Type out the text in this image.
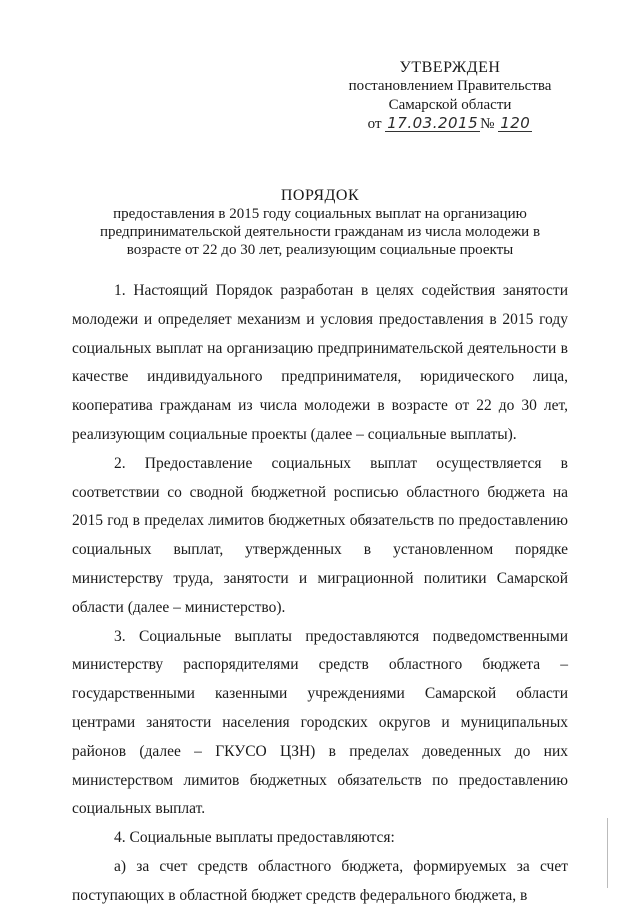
УТВЕРЖДЕН
постановлением Правительства
Самарской области
от 17.03.2015 № 120
ПОРЯДОК
предоставления в 2015 году социальных выплат на организацию предпринимательской деятельности гражданам из числа молодежи в возрасте от 22 до 30 лет, реализующим социальные проекты

1. Настоящий Порядок разработан в целях содействия занятости молодежи и определяет механизм и условия предоставления в 2015 году социальных выплат на организацию предпринимательской деятельности в качестве индивидуального предпринимателя, юридического лица, кооператива гражданам из числа молодежи в возрасте от 22 до 30 лет, реализующим социальные проекты (далее – социальные выплаты).

2. Предоставление социальных выплат осуществляется в соответствии со сводной бюджетной росписью областного бюджета на 2015 год в пределах лимитов бюджетных обязательств по предоставлению социальных выплат, утвержденных в установленном порядке министерству труда, занятости и миграционной политики Самарской области (далее – министерство).

3. Социальные выплаты предоставляются подведомственными министерству распорядителями средств областного бюджета – государственными казенными учреждениями Самарской области центрами занятости населения городских округов и муниципальных районов (далее – ГКУСО ЦЗН) в пределах доведенных до них министерством лимитов бюджетных обязательств по предоставлению социальных выплат.

4. Социальные выплаты предоставляются:

а) за счет средств областного бюджета, формируемых за счет поступающих в областной бюджет средств федерального бюджета, в
